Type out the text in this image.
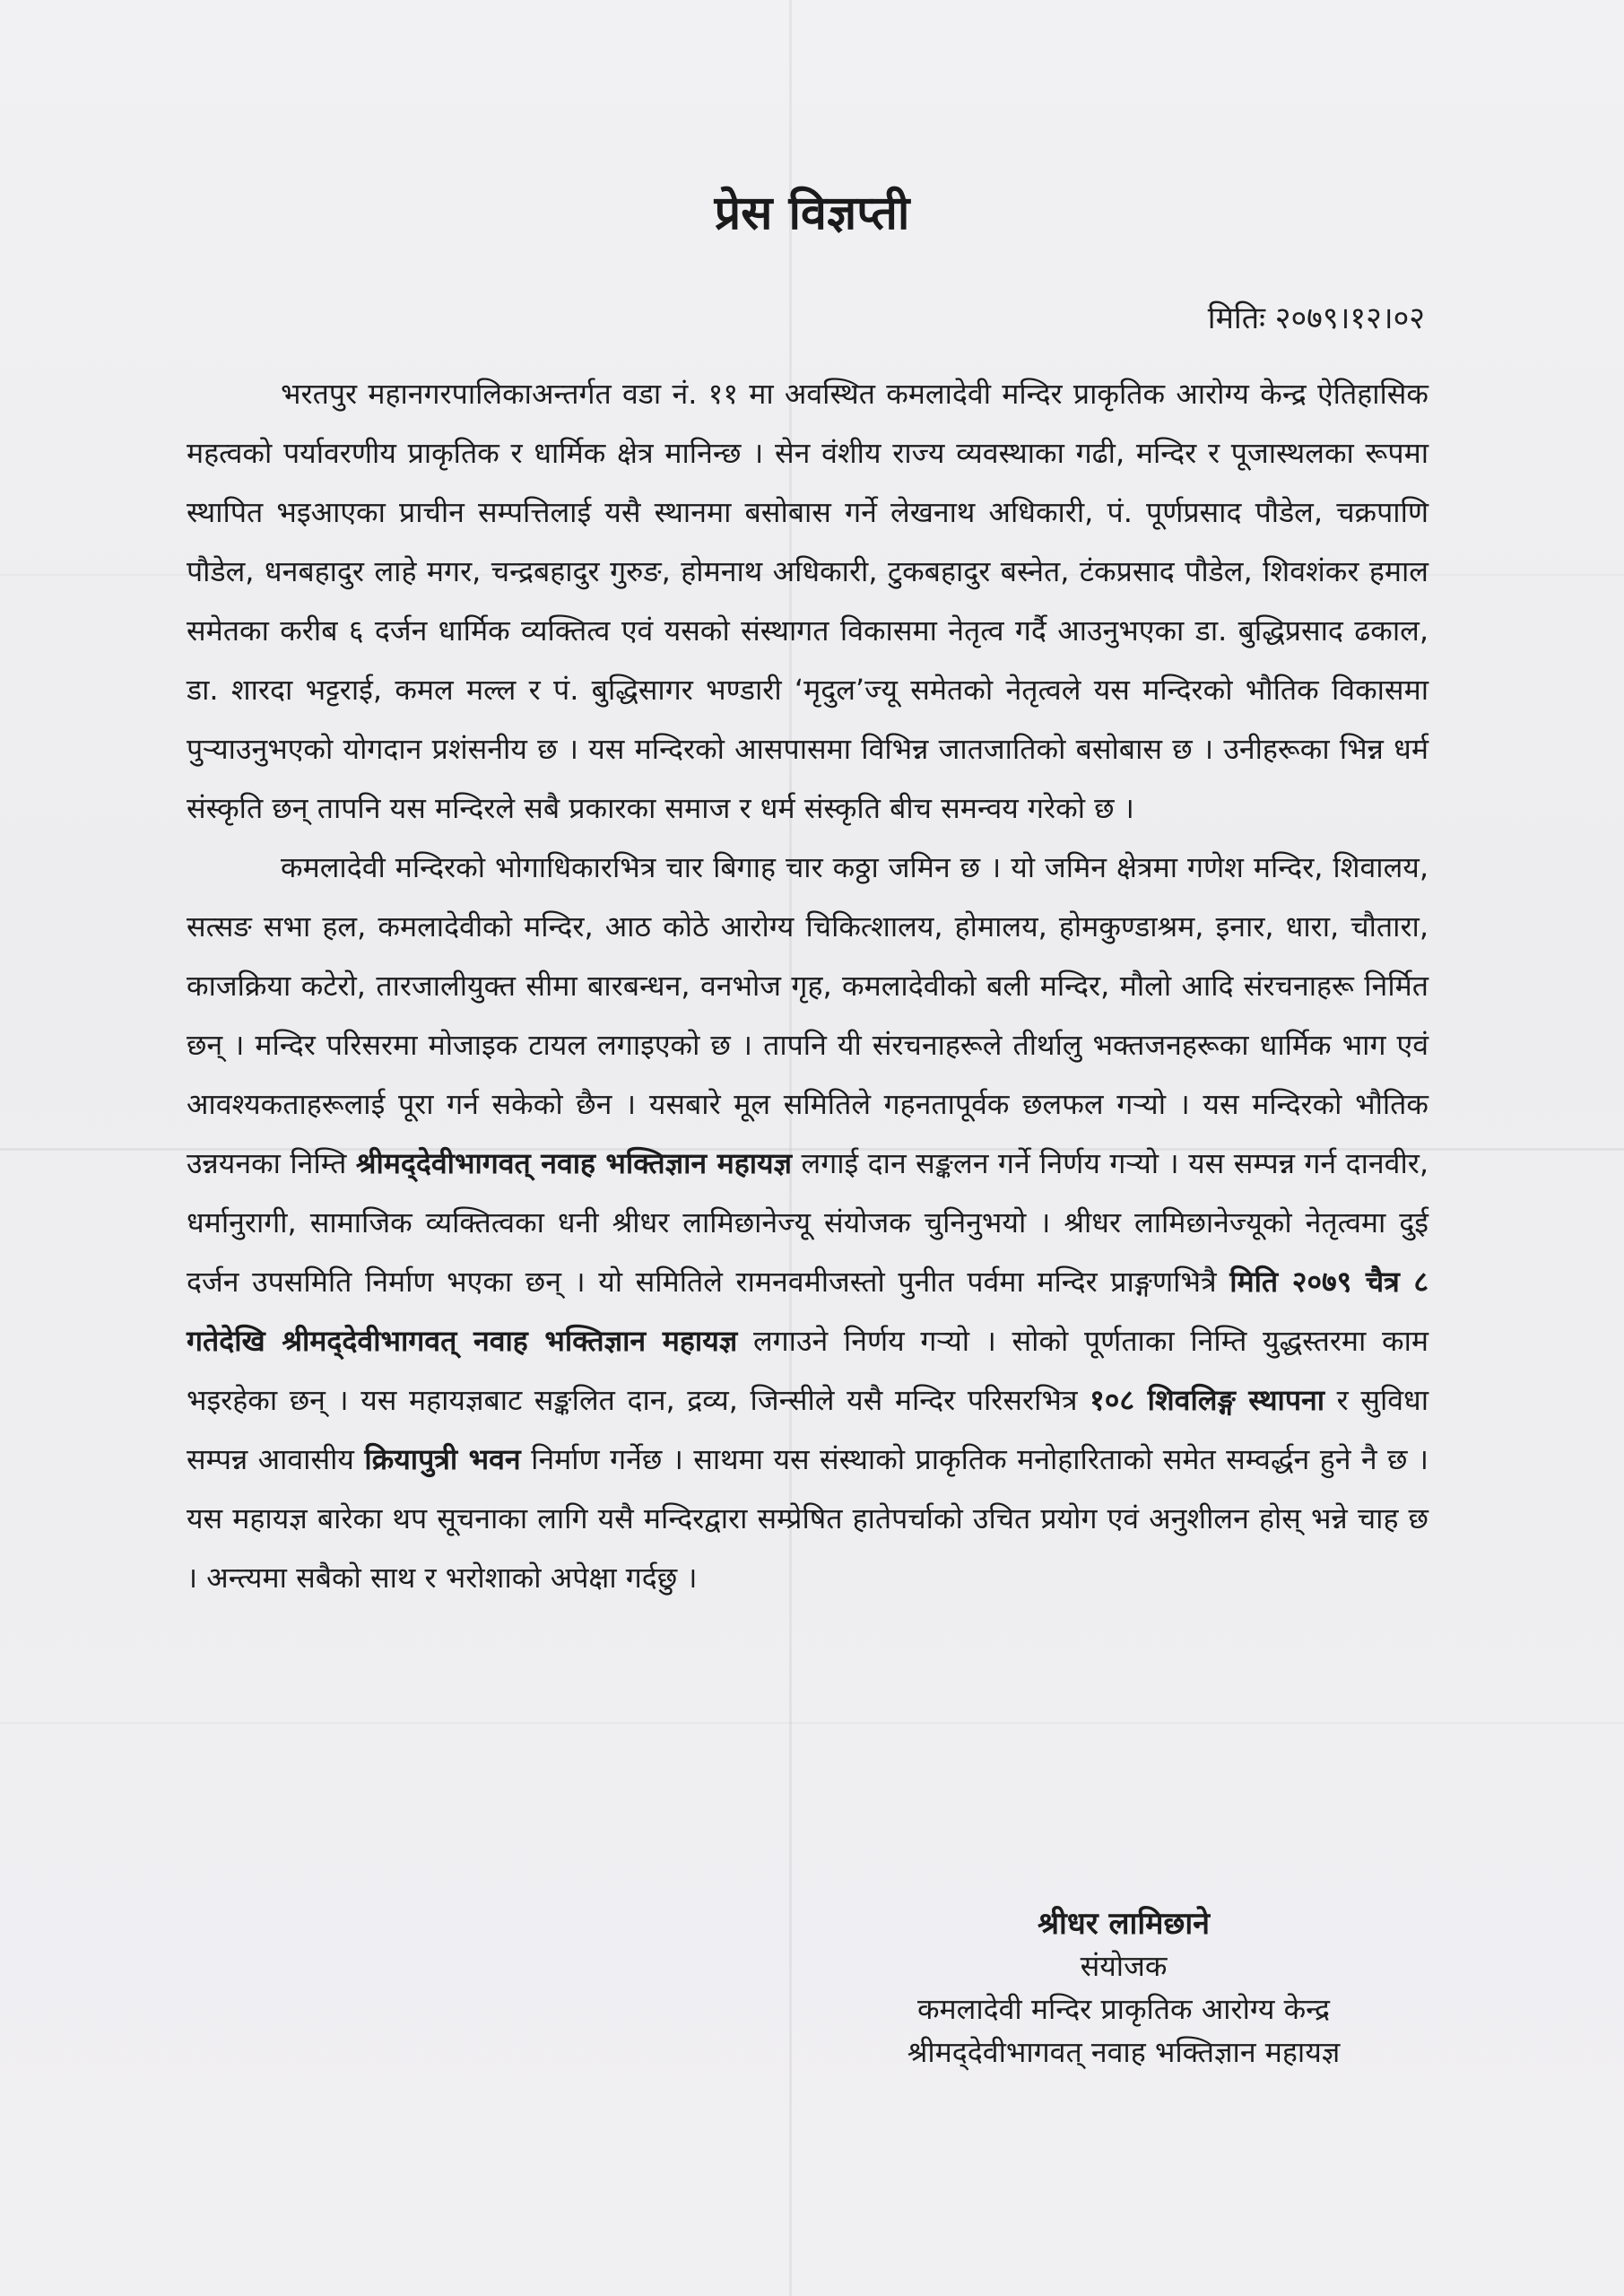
प्रेस विज्ञप्ती
मितिः २०७९।१२।०२

भरतपुर महानगरपालिकाअन्तर्गत वडा नं. ११ मा अवस्थित कमलादेवी मन्दिर प्राकृतिक आरोग्य केन्द्र ऐतिहासिक महत्वको पर्यावरणीय प्राकृतिक र धार्मिक क्षेत्र मानिन्छ । सेन वंशीय राज्य व्यवस्थाका गढी, मन्दिर र पूजास्थलका रूपमा स्थापित भइआएका प्राचीन सम्पत्तिलाई यसै स्थानमा बसोबास गर्ने लेखनाथ अधिकारी, पं. पूर्णप्रसाद पौडेल, चक्रपाणि पौडेल, धनबहादुर लाहे मगर, चन्द्रबहादुर गुरुङ, होमनाथ अधिकारी, टुकबहादुर बस्नेत, टंकप्रसाद पौडेल, शिवशंकर हमाल समेतका करीब ६ दर्जन धार्मिक व्यक्तित्व एवं यसको संस्थागत विकासमा नेतृत्व गर्दै आउनुभएका डा. बुद्धिप्रसाद ढकाल, डा. शारदा भट्टराई, कमल मल्ल र पं. बुद्धिसागर भण्डारी ‘मृदुल’ज्यू समेतको नेतृत्वले यस मन्दिरको भौतिक विकासमा पुऱ्याउनुभएको योगदान प्रशंसनीय छ । यस मन्दिरको आसपासमा विभिन्न जातजातिको बसोबास छ । उनीहरूका भिन्न धर्म संस्कृति छन् तापनि यस मन्दिरले सबै प्रकारका समाज र धर्म संस्कृति बीच समन्वय गरेको छ ।

कमलादेवी मन्दिरको भोगाधिकारभित्र चार बिगाह चार कठ्ठा जमिन छ । यो जमिन क्षेत्रमा गणेश मन्दिर, शिवालय, सत्सङ सभा हल, कमलादेवीको मन्दिर, आठ कोठे आरोग्य चिकित्शालय, होमालय, होमकुण्डाश्रम, इनार, धारा, चौतारा, काजक्रिया कटेरो, तारजालीयुक्त सीमा बारबन्धन, वनभोज गृह, कमलादेवीको बली मन्दिर, मौलो आदि संरचनाहरू निर्मित छन् । मन्दिर परिसरमा मोजाइक टायल लगाइएको छ । तापनि यी संरचनाहरूले तीर्थालु भक्तजनहरूका धार्मिक भाग एवं आवश्यकताहरूलाई पूरा गर्न सकेको छैन । यसबारे मूल समितिले गहनतापूर्वक छलफल गऱ्यो । यस मन्दिरको भौतिक उन्नयनका निम्ति श्रीमद्‌देवीभागवत् नवाह भक्तिज्ञान महायज्ञ लगाई दान सङ्कलन गर्ने निर्णय गऱ्यो । यस सम्पन्न गर्न दानवीर, धर्मानुरागी, सामाजिक व्यक्तित्वका धनी श्रीधर लामिछानेज्यू संयोजक चुनिनुभयो । श्रीधर लामिछानेज्यूको नेतृत्वमा दुई दर्जन उपसमिति निर्माण भएका छन् । यो समितिले रामनवमीजस्तो पुनीत पर्वमा मन्दिर प्राङ्गणभित्रै मिति २०७९ चैत्र ८ गतेदेखि श्रीमद्‌देवीभागवत् नवाह भक्तिज्ञान महायज्ञ लगाउने निर्णय गऱ्यो । सोको पूर्णताका निम्ति युद्धस्तरमा काम भइरहेका छन् । यस महायज्ञबाट सङ्कलित दान, द्रव्य, जिन्सीले यसै मन्दिर परिसरभित्र १०८ शिवलिङ्ग स्थापना र सुविधा सम्पन्न आवासीय क्रियापुत्री भवन निर्माण गर्नेछ । साथमा यस संस्थाको प्राकृतिक मनोहारिताको समेत सम्वर्द्धन हुने नै छ । यस महायज्ञ बारेका थप सूचनाका लागि यसै मन्दिरद्वारा सम्प्रेषित हातेपर्चाको उचित प्रयोग एवं अनुशीलन होस् भन्ने चाह छ । अन्त्यमा सबैको साथ र भरोशाको अपेक्षा गर्दछु ।

श्रीधर लामिछाने
संयोजक
कमलादेवी मन्दिर प्राकृतिक आरोग्य केन्द्र
श्रीमद्‌देवीभागवत् नवाह भक्तिज्ञान महायज्ञ
